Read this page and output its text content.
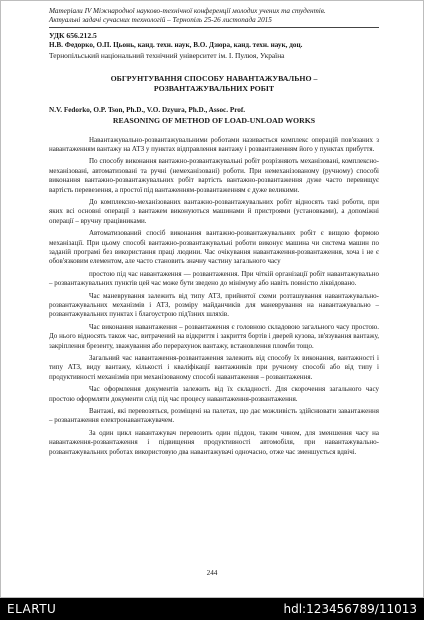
Матеріали IV Міжнародної науково-технічної конференції молодих учених та студентів.
Актуальні задачі сучасних технологій – Тернопіль 25-26 листопада 2015
УДК 656.212.5
Н.В. Федорко, О.П. Цьонь, канд. техн. наук, В.О. Дзюра, канд. техн. наук, доц.
Тернопільський національний технічний університет ім. І. Пулюя, Україна
ОБГРУНТУВАННЯ СПОСОБУ НАВАНТАЖУВАЛЬНО –
РОЗВАНТАЖУВАЛЬНИХ РОБІТ
N.V. Fedorko, O.P. Tson, Ph.D., V.O. Dzyura, Ph.D., Assoc. Prof.
REASONING OF METHOD OF LOAD-UNLOAD WORKS

Навантажувально-розвантажувальними роботами називається комплекс операцій пов'язаних з навантаженням вантажу на АТЗ у пунктах відправлення вантажу і розвантаженням його у пунктах прибуття.

По способу виконання вантажно-розвантажувальні робіт розрізняють механізовані, комплексно-механізовані, автоматизовані та ручні (немеханізовані) роботи. При немеханізованому (ручному) способі виконання вантажно-розвантажувальних робіт вартість вантажно-розвантаження дуже часто перевищує вартість перевезення, а простої під вантаженням-розвантаженням є дуже великими.

До комплексно-механізованих вантажно-розвантажувальних робіт відносять такі роботи, при яких всі основні операції з вантажем виконуються машинами й пристроями (установками), а допоміжні операції – вручну працівниками.

Автоматизований спосіб виконання вантажно-розвантажувальних робіт є вищою формою механізації. При цьому способі вантажно-розвантажувальні роботи виконує машина чи система машин по заданій програмі без використання праці людини. Час очікування навантаження-розвантаження, хоча і не є обов'язковим елементом, але часто становить значну частину загального часу

простою під час навантаження — розвантаження. При чіткій організації робіт навантажувально – розвантажувальних пунктів цей час може бути зведено до мінімуму або навіть повністю ліквідовано.

Час маневрування залежить від типу АТЗ, прийнятої схеми розташування навантажувально-розвантажувальних механізмів і АТЗ, розміру майданчиків для маневрування на навантажувально – розвантажувальних пунктах і благоустрою під'їзних шляхів.

Час виконання навантаження – розвантаження є головною складовою загального часу простою. До нього відносять також час, витрачений на відкриття і закриття бортів і дверей кузова, зв'язування вантажу, закріплення брезенту, зважування або перерахунок вантажу, встановлення пломби тощо.

Загальний час навантаження-розвантаження залежить від способу їх виконання, вантажності і типу АТЗ, виду вантажу, кількості і кваліфікації вантажників при ручному способі або від типу і продуктивності механізмів при механізованому способі навантаження – розвантаження.

Час оформлення документів залежить від їх складності. Для скорочення загального часу простою оформляти документи слід під час процесу навантаження-розвантаження.

Вантажі, які перевозяться, розміщені на палетах, що дає можливість здійснювати завантаження – розвантаження електронавантажувачем.

За один цикл навантажувач перевозить один піддон, таким чином, для зменшення часу на навантаження-розвантаження і підвищення продуктивності автомобіля, при навантажувально-розвантажувальних роботах використовую два навантажувачі одночасно, отже час зменшується вдвічі.

244
ELARTU	hdl:123456789/11013
